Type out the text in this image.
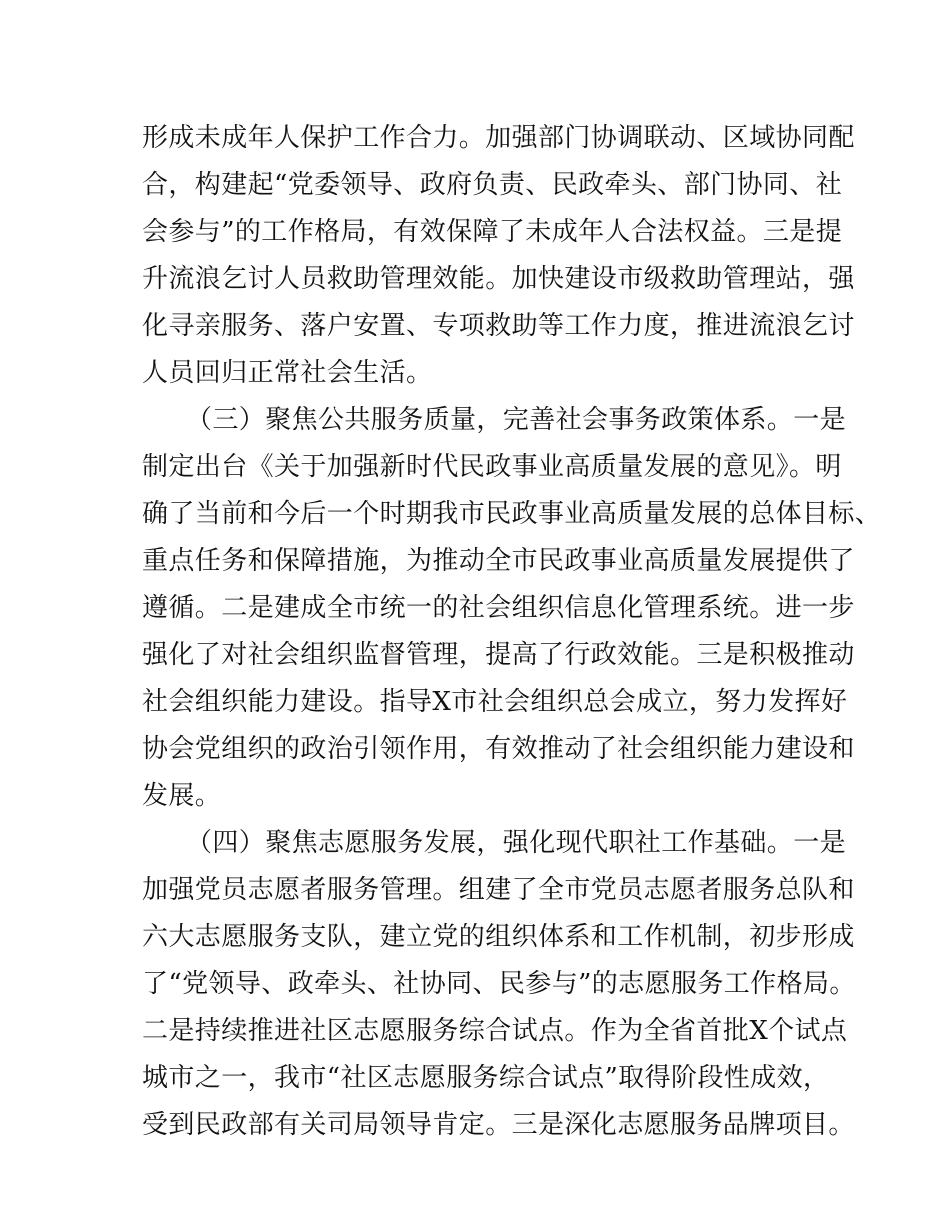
形成未成年人保护工作合力。加强部门协调联动、区域协同配
合，构建起“党委领导、政府负责、民政牵头、部门协同、社
会参与”的工作格局，有效保障了未成年人合法权益。三是提
升流浪乞讨人员救助管理效能。加快建设市级救助管理站，强
化寻亲服务、落户安置、专项救助等工作力度，推进流浪乞讨
人员回归正常社会生活。
（三）聚焦公共服务质量，完善社会事务政策体系。一是
制定出台《关于加强新时代民政事业高质量发展的意见》。明
确了当前和今后一个时期我市民政事业高质量发展的总体目标、
重点任务和保障措施，为推动全市民政事业高质量发展提供了
遵循。二是建成全市统一的社会组织信息化管理系统。进一步
强化了对社会组织监督管理，提高了行政效能。三是积极推动
社会组织能力建设。指导X市社会组织总会成立，努力发挥好
协会党组织的政治引领作用，有效推动了社会组织能力建设和
发展。
（四）聚焦志愿服务发展，强化现代职社工作基础。一是
加强党员志愿者服务管理。组建了全市党员志愿者服务总队和
六大志愿服务支队，建立党的组织体系和工作机制，初步形成
了“党领导、政牵头、社协同、民参与”的志愿服务工作格局。
二是持续推进社区志愿服务综合试点。作为全省首批X个试点
城市之一，我市“社区志愿服务综合试点”取得阶段性成效，
受到民政部有关司局领导肯定。三是深化志愿服务品牌项目。
